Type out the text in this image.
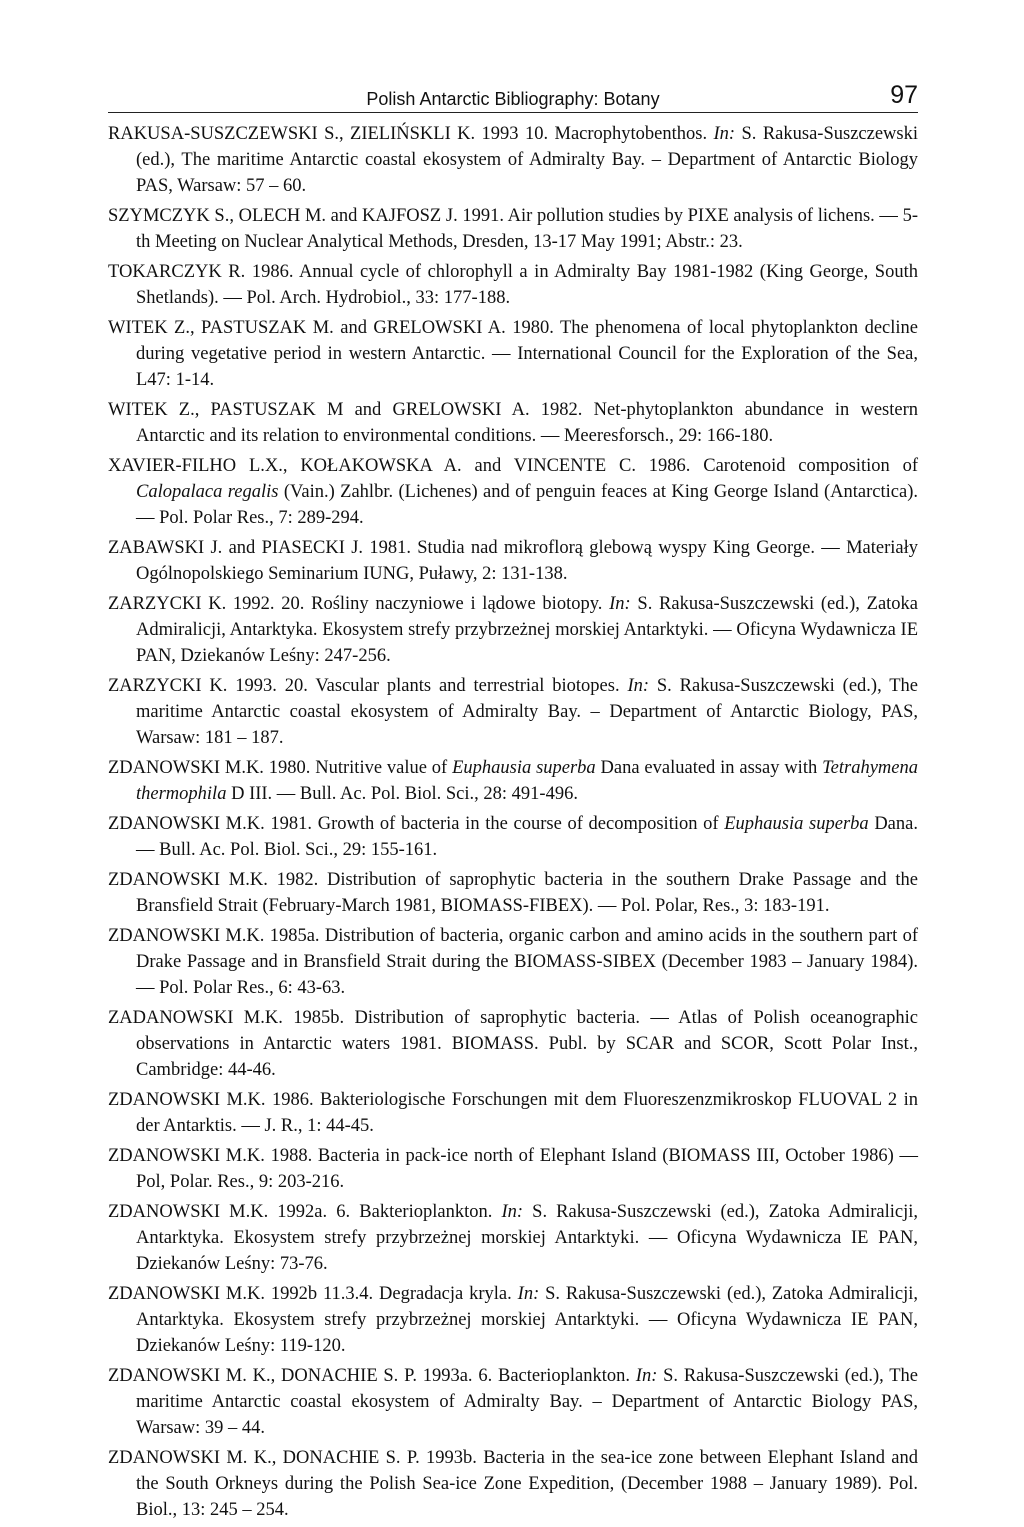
Polish Antarctic Bibliography: Botany	97
RAKUSA-SUSZCZEWSKI S., ZIELIŃSKLI K. 1993 10. Macrophytobenthos. In: S. Rakusa-Suszczewski (ed.), The maritime Antarctic coastal ekosystem of Admiralty Bay. – Department of Antarctic Biology PAS, Warsaw: 57 – 60.
SZYMCZYK S., OLECH M. and KAJFOSZ J. 1991. Air pollution studies by PIXE analysis of lichens. — 5-th Meeting on Nuclear Analytical Methods, Dresden, 13-17 May 1991; Abstr.: 23.
TOKARCZYK R. 1986. Annual cycle of chlorophyll a in Admiralty Bay 1981-1982 (King George, South Shetlands). — Pol. Arch. Hydrobiol., 33: 177-188.
WITEK Z., PASTUSZAK M. and GRELOWSKI A. 1980. The phenomena of local phytoplankton decline during vegetative period in western Antarctic. — International Council for the Exploration of the Sea, L47: 1-14.
WITEK Z., PASTUSZAK M and GRELOWSKI A. 1982. Net-phytoplankton abundance in western Antarctic and its relation to environmental conditions. — Meeresforsch., 29: 166-180.
XAVIER-FILHO L.X., KOŁAKOWSKA A. and VINCENTE C. 1986. Carotenoid composition of Calopalaca regalis (Vain.) Zahlbr. (Lichenes) and of penguin feaces at King George Island (Antarctica). — Pol. Polar Res., 7: 289-294.
ZABAWSKI J. and PIASECKI J. 1981. Studia nad mikroflorą glebową wyspy King George. — Materiały Ogólnopolskiego Seminarium IUNG, Puławy, 2: 131-138.
ZARZYCKI K. 1992. 20. Rośliny naczyniowe i lądowe biotopy. In: S. Rakusa-Suszczewski (ed.), Zatoka Admiralicji, Antarktyka. Ekosystem strefy przybrzeżnej morskiej Antarktyki. — Oficyna Wydawnicza IE PAN, Dziekanów Leśny: 247-256.
ZARZYCKI K. 1993. 20. Vascular plants and terrestrial biotopes. In: S. Rakusa-Suszczewski (ed.), The maritime Antarctic coastal ekosystem of Admiralty Bay. – Department of Antarctic Biology, PAS, Warsaw: 181 – 187.
ZDANOWSKI M.K. 1980. Nutritive value of Euphausia superba Dana evaluated in assay with Tetrahymena thermophila D III. — Bull. Ac. Pol. Biol. Sci., 28: 491-496.
ZDANOWSKI M.K. 1981. Growth of bacteria in the course of decomposition of Euphausia superba Dana. — Bull. Ac. Pol. Biol. Sci., 29: 155-161.
ZDANOWSKI M.K. 1982. Distribution of saprophytic bacteria in the southern Drake Passage and the Bransfield Strait (February-March 1981, BIOMASS-FIBEX). — Pol. Polar, Res., 3: 183-191.
ZDANOWSKI M.K. 1985a. Distribution of bacteria, organic carbon and amino acids in the southern part of Drake Passage and in Bransfield Strait during the BIOMASS-SIBEX (December 1983 – January 1984). — Pol. Polar Res., 6: 43-63.
ZADANOWSKI M.K. 1985b. Distribution of saprophytic bacteria. — Atlas of Polish oceanographic observations in Antarctic waters 1981. BIOMASS. Publ. by SCAR and SCOR, Scott Polar Inst., Cambridge: 44-46.
ZDANOWSKI M.K. 1986. Bakteriologische Forschungen mit dem Fluoreszenzmikroskop FLUOVAL 2 in der Antarktis. — J. R., 1: 44-45.
ZDANOWSKI M.K. 1988. Bacteria in pack-ice north of Elephant Island (BIOMASS III, October 1986) — Pol, Polar. Res., 9: 203-216.
ZDANOWSKI M.K. 1992a. 6. Bakterioplankton. In: S. Rakusa-Suszczewski (ed.), Zatoka Admiralicji, Antarktyka. Ekosystem strefy przybrzeżnej morskiej Antarktyki. — Oficyna Wydawnicza IE PAN, Dziekanów Leśny: 73-76.
ZDANOWSKI M.K. 1992b 11.3.4. Degradacja kryla. In: S. Rakusa-Suszczewski (ed.), Zatoka Admiralicji, Antarktyka. Ekosystem strefy przybrzeżnej morskiej Antarktyki. — Oficyna Wydawnicza IE PAN, Dziekanów Leśny: 119-120.
ZDANOWSKI M. K., DONACHIE S. P. 1993a. 6. Bacterioplankton. In: S. Rakusa-Suszczewski (ed.), The maritime Antarctic coastal ekosystem of Admiralty Bay. – Department of Antarctic Biology PAS, Warsaw: 39 – 44.
ZDANOWSKI M. K., DONACHIE S. P. 1993b. Bacteria in the sea-ice zone between Elephant Island and the South Orkneys during the Polish Sea-ice Zone Expedition, (December 1988 – January 1989). Pol. Biol., 13: 245 – 254.
